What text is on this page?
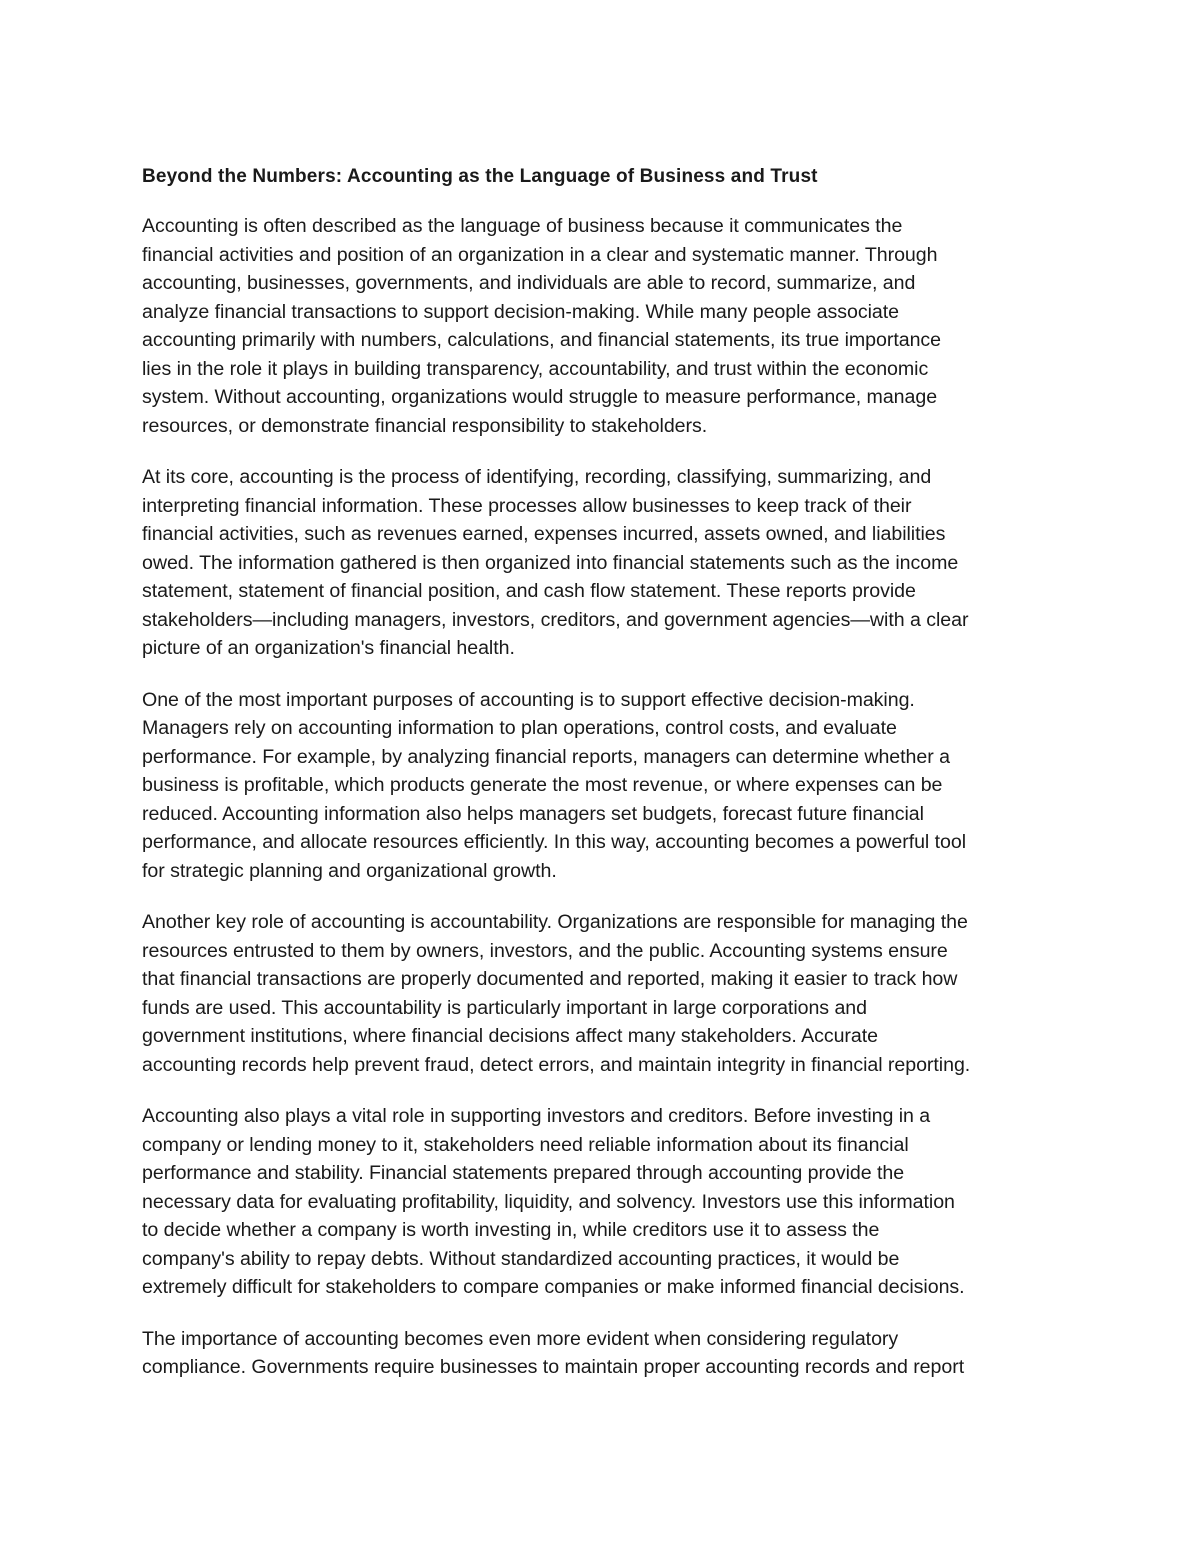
Beyond the Numbers: Accounting as the Language of Business and Trust

Accounting is often described as the language of business because it communicates the
financial activities and position of an organization in a clear and systematic manner. Through
accounting, businesses, governments, and individuals are able to record, summarize, and
analyze financial transactions to support decision-making. While many people associate
accounting primarily with numbers, calculations, and financial statements, its true importance
lies in the role it plays in building transparency, accountability, and trust within the economic
system. Without accounting, organizations would struggle to measure performance, manage
resources, or demonstrate financial responsibility to stakeholders.

At its core, accounting is the process of identifying, recording, classifying, summarizing, and
interpreting financial information. These processes allow businesses to keep track of their
financial activities, such as revenues earned, expenses incurred, assets owned, and liabilities
owed. The information gathered is then organized into financial statements such as the income
statement, statement of financial position, and cash flow statement. These reports provide
stakeholders—including managers, investors, creditors, and government agencies—with a clear
picture of an organization's financial health.

One of the most important purposes of accounting is to support effective decision-making.
Managers rely on accounting information to plan operations, control costs, and evaluate
performance. For example, by analyzing financial reports, managers can determine whether a
business is profitable, which products generate the most revenue, or where expenses can be
reduced. Accounting information also helps managers set budgets, forecast future financial
performance, and allocate resources efficiently. In this way, accounting becomes a powerful tool
for strategic planning and organizational growth.

Another key role of accounting is accountability. Organizations are responsible for managing the
resources entrusted to them by owners, investors, and the public. Accounting systems ensure
that financial transactions are properly documented and reported, making it easier to track how
funds are used. This accountability is particularly important in large corporations and
government institutions, where financial decisions affect many stakeholders. Accurate
accounting records help prevent fraud, detect errors, and maintain integrity in financial reporting.

Accounting also plays a vital role in supporting investors and creditors. Before investing in a
company or lending money to it, stakeholders need reliable information about its financial
performance and stability. Financial statements prepared through accounting provide the
necessary data for evaluating profitability, liquidity, and solvency. Investors use this information
to decide whether a company is worth investing in, while creditors use it to assess the
company's ability to repay debts. Without standardized accounting practices, it would be
extremely difficult for stakeholders to compare companies or make informed financial decisions.

The importance of accounting becomes even more evident when considering regulatory
compliance. Governments require businesses to maintain proper accounting records and report
